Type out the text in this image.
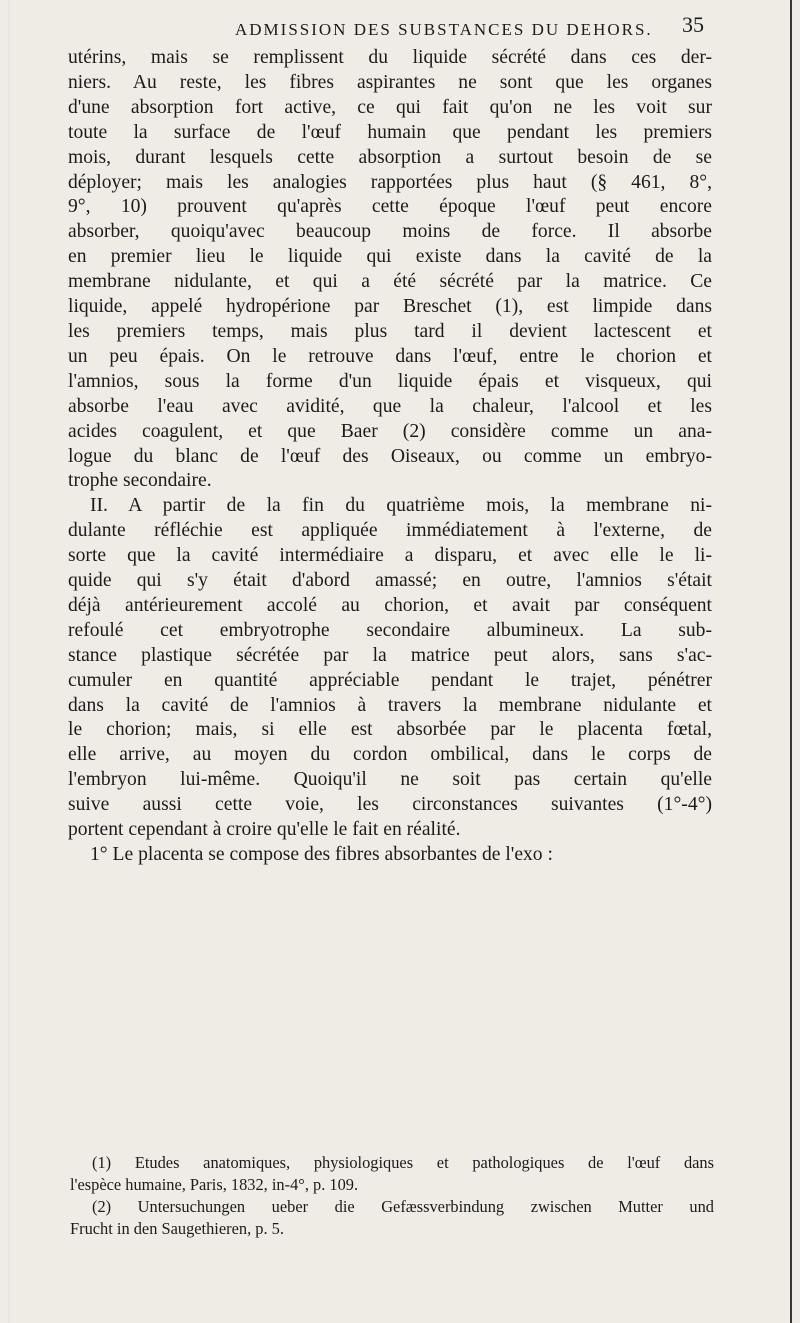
ADMISSION DES SUBSTANCES DU DEHORS. 35
utérins, mais se remplissent du liquide sécrété dans ces der-
niers. Au reste, les fibres aspirantes ne sont que les organes
d'une absorption fort active, ce qui fait qu'on ne les voit sur
toute la surface de l'œuf humain que pendant les premiers
mois, durant lesquels cette absorption a surtout besoin de se
déployer; mais les analogies rapportées plus haut (§ 461, 8°,
9°, 10) prouvent qu'après cette époque l'œuf peut encore
absorber, quoiqu'avec beaucoup moins de force. Il absorbe
en premier lieu le liquide qui existe dans la cavité de la
membrane nidulante, et qui a été sécrété par la matrice. Ce
liquide, appelé hydropérione par Breschet (1), est limpide dans
les premiers temps, mais plus tard il devient lactescent et
un peu épais. On le retrouve dans l'œuf, entre le chorion et
l'amnios, sous la forme d'un liquide épais et visqueux, qui
absorbe l'eau avec avidité, que la chaleur, l'alcool et les
acides coagulent, et que Baer (2) considère comme un ana-
logue du blanc de l'œuf des Oiseaux, ou comme un embryo-
trophe secondaire.
II. A partir de la fin du quatrième mois, la membrane ni-
dulante réfléchie est appliquée immédiatement à l'externe, de
sorte que la cavité intermédiaire a disparu, et avec elle le li-
quide qui s'y était d'abord amassé; en outre, l'amnios s'était
déjà antérieurement accolé au chorion, et avait par conséquent
refoulé cet embryotrophe secondaire albumineux. La sub-
stance plastique sécrétée par la matrice peut alors, sans s'ac-
cumuler en quantité appréciable pendant le trajet, pénétrer
dans la cavité de l'amnios à travers la membrane nidulante et
le chorion; mais, si elle est absorbée par le placenta fœtal,
elle arrive, au moyen du cordon ombilical, dans le corps de
l'embryon lui-même. Quoiqu'il ne soit pas certain qu'elle
suive aussi cette voie, les circonstances suivantes (1°-4°)
portent cependant à croire qu'elle le fait en réalité.
1° Le placenta se compose des fibres absorbantes de l'exo :
(1) Etudes anatomiques, physiologiques et pathologiques de l'œuf dans
l'espèce humaine, Paris, 1832, in-4°, p. 109.
(2) Untersuchungen ueber die Gefæssverbindung zwischen Mutter und
Frucht in den Saugethieren, p. 5.
